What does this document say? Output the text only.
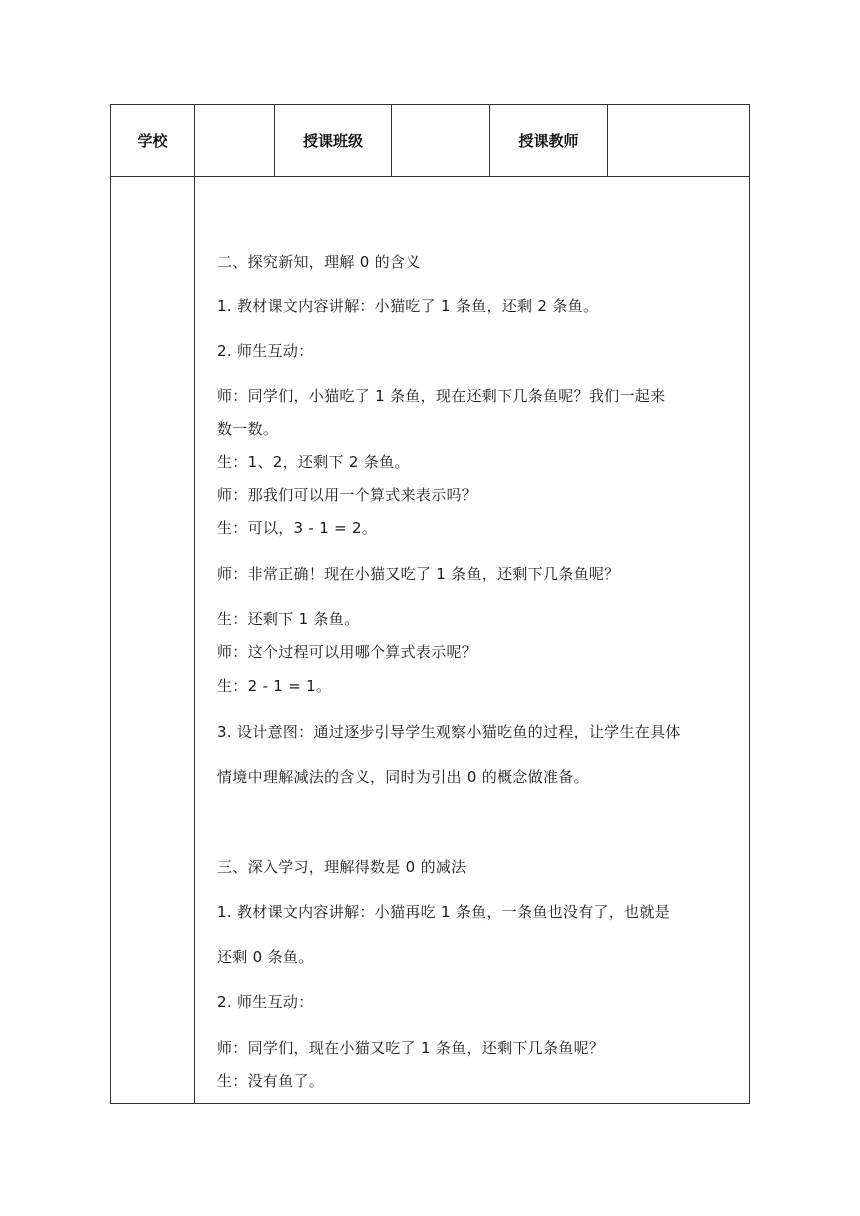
学校	授课班级	授课教师
二、探究新知，理解 0 的含义
1. 教材课文内容讲解：小猫吃了 1 条鱼，还剩 2 条鱼。
2. 师生互动：
师：同学们，小猫吃了 1 条鱼，现在还剩下几条鱼呢？我们一起来
数一数。
生：1、2，还剩下 2 条鱼。
师：那我们可以用一个算式来表示吗？
生：可以，3 - 1 = 2。
师：非常正确！现在小猫又吃了 1 条鱼，还剩下几条鱼呢？
生：还剩下 1 条鱼。
师：这个过程可以用哪个算式表示呢？
生：2 - 1 = 1。
3. 设计意图：通过逐步引导学生观察小猫吃鱼的过程，让学生在具体
情境中理解减法的含义，同时为引出 0 的概念做准备。
三、深入学习，理解得数是 0 的减法
1. 教材课文内容讲解：小猫再吃 1 条鱼，一条鱼也没有了，也就是
还剩 0 条鱼。
2. 师生互动：
师：同学们，现在小猫又吃了 1 条鱼，还剩下几条鱼呢？
生：没有鱼了。
